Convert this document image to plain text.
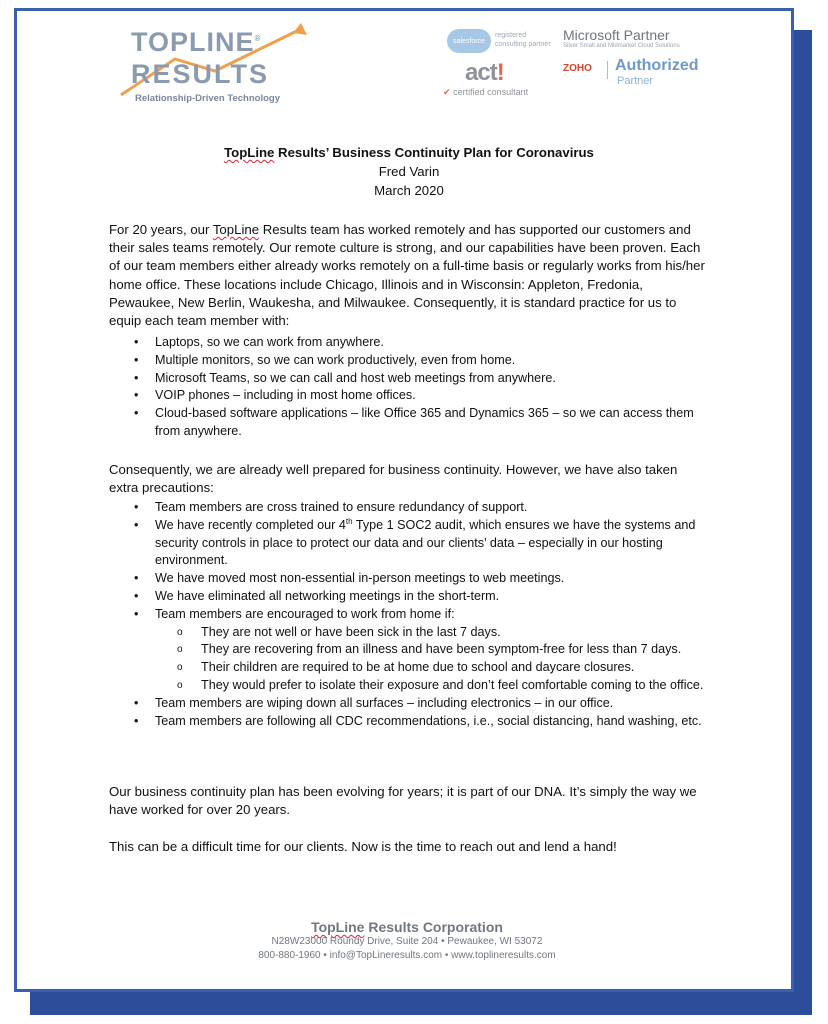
TOPLINE®
RESULTS
Relationship-Driven Technology
salesforce
registered consulting partner
Microsoft Partner
Silver Small and Midmarket Cloud Solutions
act!
✔ certified consultant
ZOHO Authorized
Partner
TopLine Results’ Business Continuity Plan for Coronavirus
Fred Varin
March 2020

For 20 years, our TopLine Results team has worked remotely and has supported our customers and their sales teams remotely. Our remote culture is strong, and our capabilities have been proven. Each of our team members either already works remotely on a full-time basis or regularly works from his/her home office. These locations include Chicago, Illinois and in Wisconsin: Appleton, Fredonia, Pewaukee, New Berlin, Waukesha, and Milwaukee. Consequently, it is standard practice for us to equip each team member with:

• Laptops, so we can work from anywhere.
• Multiple monitors, so we can work productively, even from home.
• Microsoft Teams, so we can call and host web meetings from anywhere.
• VOIP phones – including in most home offices.
• Cloud-based software applications – like Office 365 and Dynamics 365 – so we can access them from anywhere.

Consequently, we are already well prepared for business continuity. However, we have also taken extra precautions:

• Team members are cross trained to ensure redundancy of support.
• We have recently completed our 4th Type 1 SOC2 audit, which ensures we have the systems and security controls in place to protect our data and our clients’ data – especially in our hosting environment.
• We have moved most non-essential in-person meetings to web meetings.
• We have eliminated all networking meetings in the short-term.
• Team members are encouraged to work from home if:
o They are not well or have been sick in the last 7 days.
o They are recovering from an illness and have been symptom-free for less than 7 days.
o Their children are required to be at home due to school and daycare closures.
o They would prefer to isolate their exposure and don’t feel comfortable coming to the office.
• Team members are wiping down all surfaces – including electronics – in our office.
• Team members are following all CDC recommendations, i.e., social distancing, hand washing, etc.

Our business continuity plan has been evolving for years; it is part of our DNA. It’s simply the way we have worked for over 20 years.

This can be a difficult time for our clients. Now is the time to reach out and lend a hand!

TopLine Results Corporation
N28W23000 Roundy Drive, Suite 204 • Pewaukee, WI 53072
800-880-1960 • info@TopLineresults.com • www.toplineresults.com
